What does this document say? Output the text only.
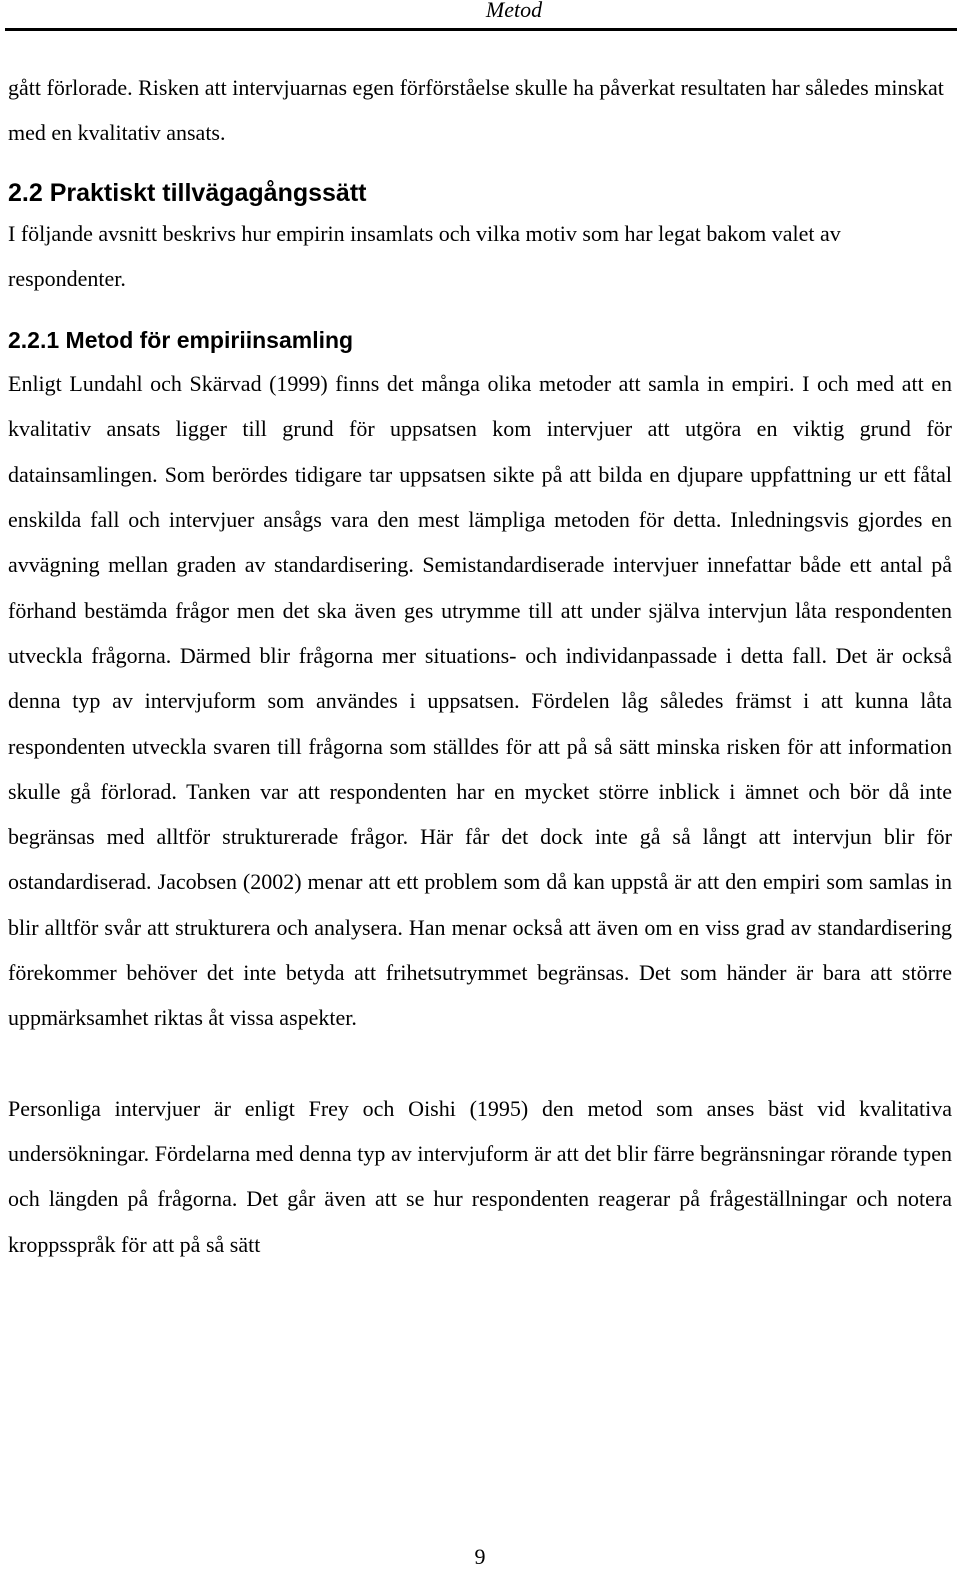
Metod

gått förlorade. Risken att intervjuarnas egen förförståelse skulle ha påverkat resultaten har således minskat med en kvalitativ ansats.

2.2 Praktiskt tillvägagångssätt

I följande avsnitt beskrivs hur empirin insamlats och vilka motiv som har legat bakom valet av respondenter.

2.2.1 Metod för empiriinsamling

Enligt Lundahl och Skärvad (1999) finns det många olika metoder att samla in empiri. I och med att en kvalitativ ansats ligger till grund för uppsatsen kom intervjuer att utgöra en viktig grund för datainsamlingen. Som berördes tidigare tar uppsatsen sikte på att bilda en djupare uppfattning ur ett fåtal enskilda fall och intervjuer ansågs vara den mest lämpliga metoden för detta. Inledningsvis gjordes en avvägning mellan graden av standardisering. Semistandardiserade intervjuer innefattar både ett antal på förhand bestämda frågor men det ska även ges utrymme till att under själva intervjun låta respondenten utveckla frågorna. Därmed blir frågorna mer situations- och individanpassade i detta fall. Det är också denna typ av intervjuform som användes i uppsatsen. Fördelen låg således främst i att kunna låta respondenten utveckla svaren till frågorna som ställdes för att på så sätt minska risken för att information skulle gå förlorad. Tanken var att respondenten har en mycket större inblick i ämnet och bör då inte begränsas med alltför strukturerade frågor. Här får det dock inte gå så långt att intervjun blir för ostandardiserad. Jacobsen (2002) menar att ett problem som då kan uppstå är att den empiri som samlas in blir alltför svår att strukturera och analysera. Han menar också att även om en viss grad av standardisering förekommer behöver det inte betyda att frihetsutrymmet begränsas. Det som händer är bara att större uppmärksamhet riktas åt vissa aspekter.

Personliga intervjuer är enligt Frey och Oishi (1995) den metod som anses bäst vid kvalitativa undersökningar. Fördelarna med denna typ av intervjuform är att det blir färre begränsningar rörande typen och längden på frågorna. Det går även att se hur respondenten reagerar på frågeställningar och notera kroppsspråk för att på så sätt

9
